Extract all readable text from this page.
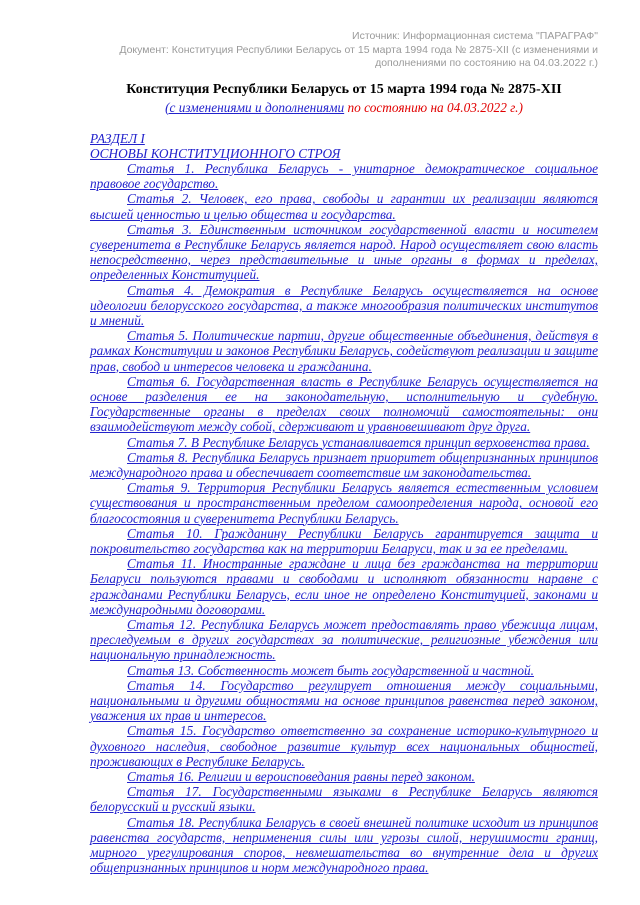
Источник: Информационная система "ПАРАГРАФ"
Документ: Конституция Республики Беларусь от 15 марта 1994 года № 2875-XII (с изменениями и дополнениями по состоянию на 04.03.2022 г.)
Конституция Республики Беларусь от 15 марта 1994 года № 2875-XII
(с изменениями и дополнениями по состоянию на 04.03.2022 г.)

РАЗДЕЛ I

ОСНОВЫ КОНСТИТУЦИОННОГО СТРОЯ

Статья 1. Республика Беларусь - унитарное демократическое социальное правовое государство.

Статья 2. Человек, его права, свободы и гарантии их реализации являются высшей ценностью и целью общества и государства.

Статья 3. Единственным источником государственной власти и носителем суверенитета в Республике Беларусь является народ. Народ осуществляет свою власть непосредственно, через представительные и иные органы в формах и пределах, определенных Конституцией.

Статья 4. Демократия в Республике Беларусь осуществляется на основе идеологии белорусского государства, а также многообразия политических институтов и мнений.

Статья 5. Политические партии, другие общественные объединения, действуя в рамках Конституции и законов Республики Беларусь, содействуют реализации и защите прав, свобод и интересов человека и гражданина.

Статья 6. Государственная власть в Республике Беларусь осуществляется на основе разделения ее на законодательную, исполнительную и судебную. Государственные органы в пределах своих полномочий самостоятельны: они взаимодействуют между собой, сдерживают и уравновешивают друг друга.

Статья 7. В Республике Беларусь устанавливается принцип верховенства права.

Статья 8. Республика Беларусь признает приоритет общепризнанных принципов международного права и обеспечивает соответствие им законодательства.

Статья 9. Территория Республики Беларусь является естественным условием существования и пространственным пределом самоопределения народа, основой его благосостояния и суверенитета Республики Беларусь.

Статья 10. Гражданину Республики Беларусь гарантируется защита и покровительство государства как на территории Беларуси, так и за ее пределами.

Статья 11. Иностранные граждане и лица без гражданства на территории Беларуси пользуются правами и свободами и исполняют обязанности наравне с гражданами Республики Беларусь, если иное не определено Конституцией, законами и международными договорами.

Статья 12. Республика Беларусь может предоставлять право убежища лицам, преследуемым в других государствах за политические, религиозные убеждения или национальную принадлежность.

Статья 13. Собственность может быть государственной и частной.

Статья 14. Государство регулирует отношения между социальными, национальными и другими общностями на основе принципов равенства перед законом, уважения их прав и интересов.

Статья 15. Государство ответственно за сохранение историко-культурного и духовного наследия, свободное развитие культур всех национальных общностей, проживающих в Республике Беларусь.

Статья 16. Религии и вероисповедания равны перед законом.

Статья 17. Государственными языками в Республике Беларусь являются белорусский и русский языки.

Статья 18. Республика Беларусь в своей внешней политике исходит из принципов равенства государств, неприменения силы или угрозы силой, нерушимости границ, мирного урегулирования споров, невмешательства во внутренние дела и других общепризнанных принципов и норм международного права.
